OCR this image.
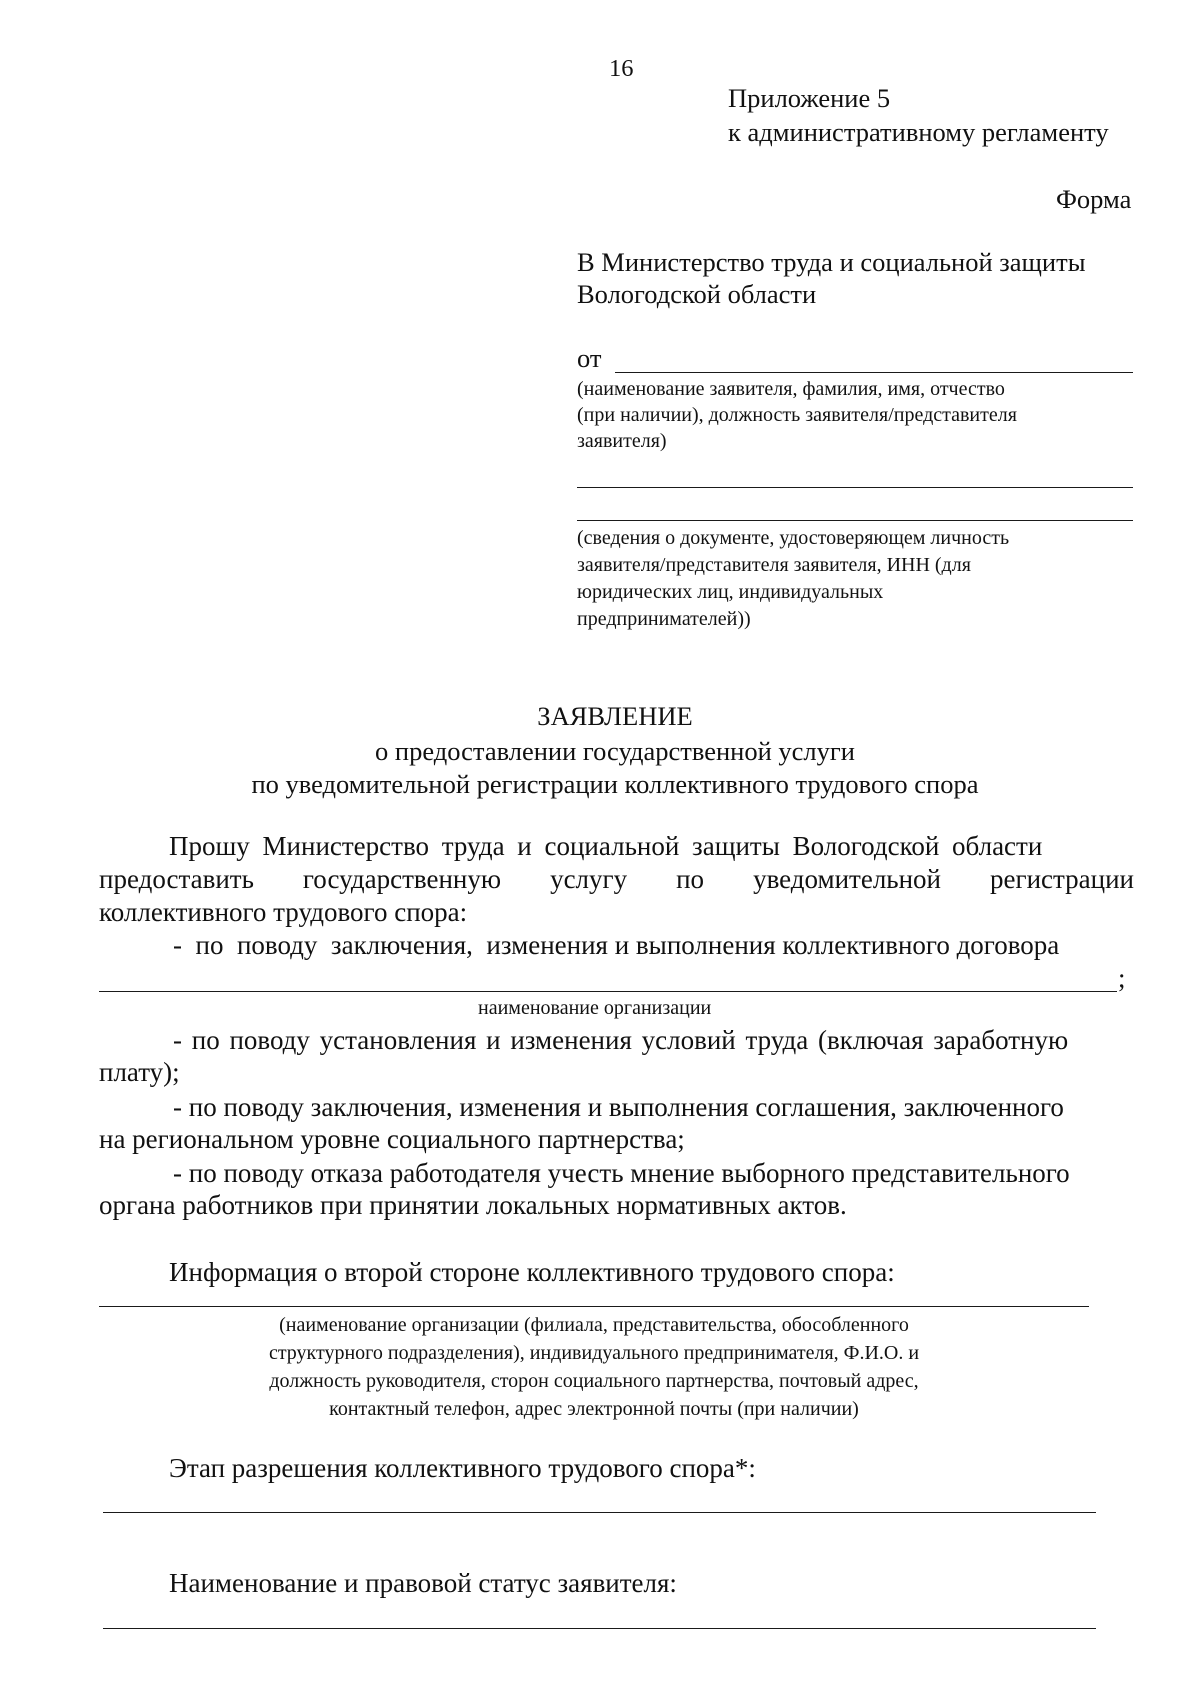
16
Приложение 5
к административному регламенту
Форма
В Министерство труда и социальной защиты
Вологодской области
от
(наименование заявителя, фамилия, имя, отчество
(при наличии), должность заявителя/представителя
заявителя)
(сведения о документе, удостоверяющем личность
заявителя/представителя заявителя, ИНН (для
юридических лиц, индивидуальных
предпринимателей))
ЗАЯВЛЕНИЕ
о предоставлении государственной услуги
по уведомительной регистрации коллективного трудового спора
Прошу Министерство труда и социальной защиты Вологодской области
предоставить государственную услугу по уведомительной регистрации
коллективного трудового спора:
-  по  поводу  заключения,  изменения и выполнения коллективного договора
;
наименование организации
- по поводу установления и изменения условий труда (включая заработную
плату);
- по поводу заключения, изменения и выполнения соглашения, заключенного
на региональном уровне социального партнерства;
- по поводу отказа работодателя учесть мнение выборного представительного
органа работников при принятии локальных нормативных актов.
Информация о второй стороне коллективного трудового спора:
(наименование организации (филиала, представительства, обособленного
структурного подразделения), индивидуального предпринимателя, Ф.И.О. и
должность руководителя, сторон социального партнерства, почтовый адрес,
контактный телефон, адрес электронной почты (при наличии)
Этап разрешения коллективного трудового спора*:
Наименование и правовой статус заявителя:
